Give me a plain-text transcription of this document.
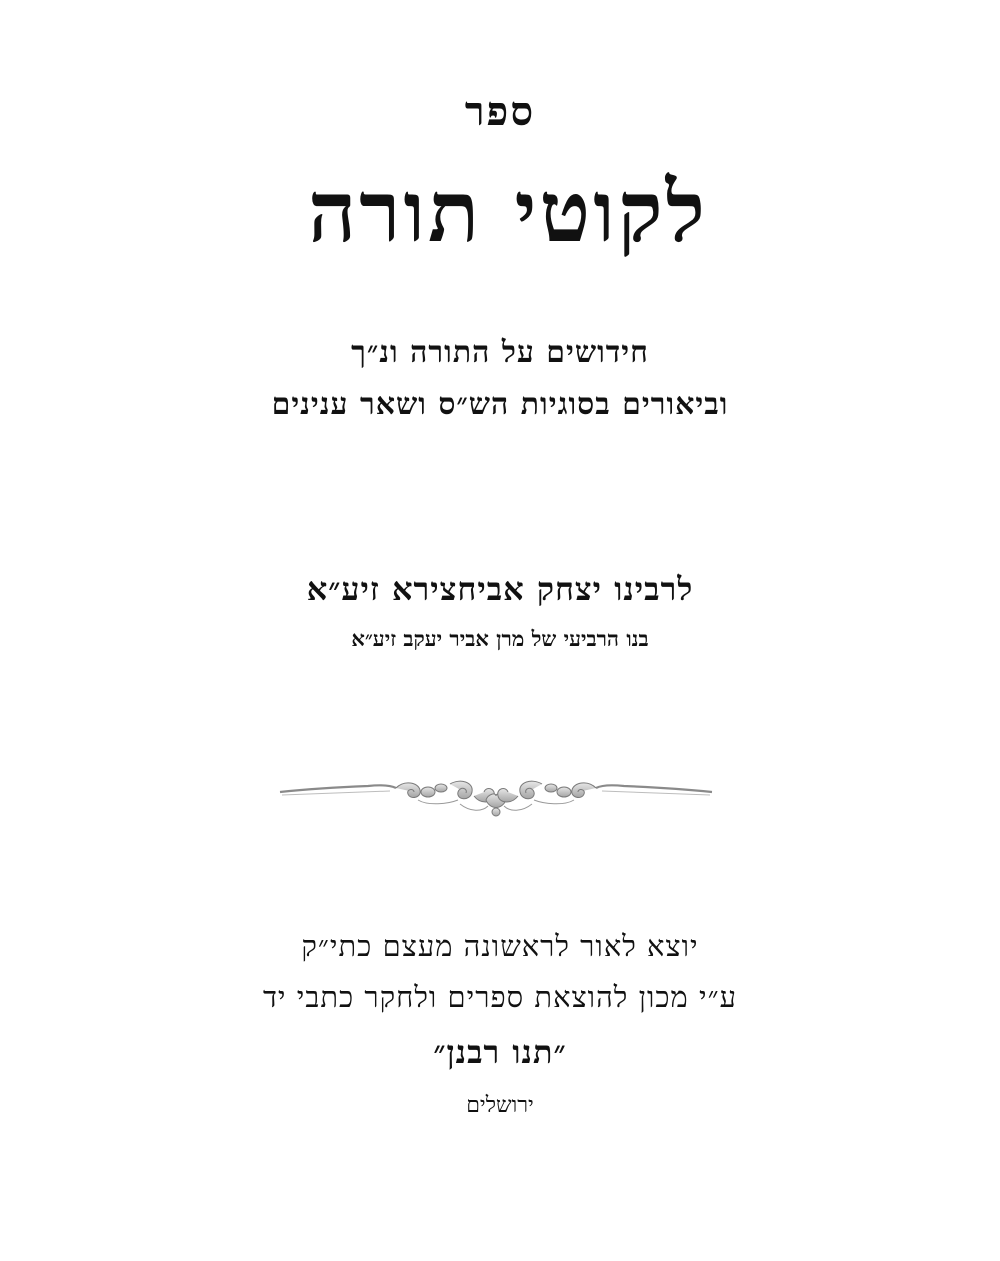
ספר
לקוטי תורה
חידושים על התורה ונ״ך
וביאורים בסוגיות הש״ס ושאר ענינים
לרבינו יצחק אביחצירא זיע״א
בנו הרביעי של מרן אביר יעקב זיע״א
יוצא לאור לראשונה מעצם כתי״ק
ע״י מכון להוצאת ספרים ולחקר כתבי יד
״תנו רבנן״
ירושלים
